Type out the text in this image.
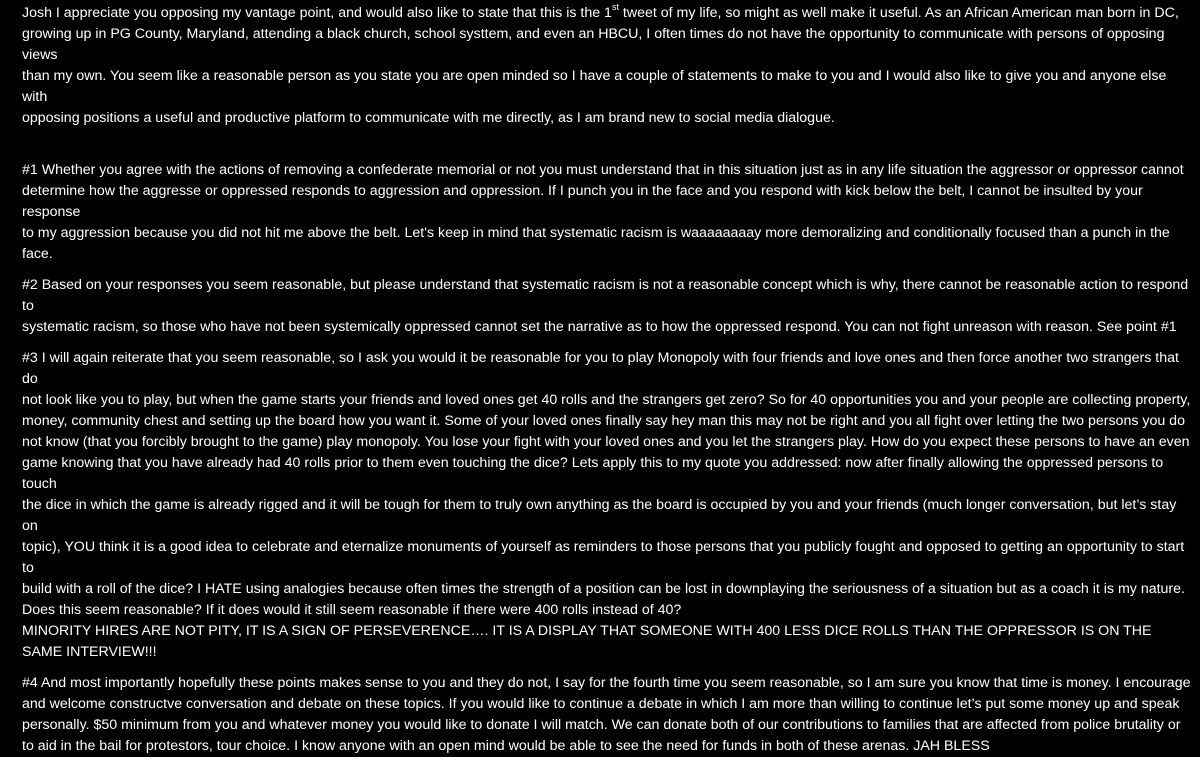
Josh I appreciate you opposing my vantage point, and would also like to state that this is the 1st tweet of my life, so might as well make it useful. As an African American man born in DC,
growing up in PG County, Maryland, attending a black church, school systtem, and even an HBCU, I often times do not have the opportunity to communicate with persons of opposing views
than my own. You seem like a reasonable person as you state you are open minded so I have a couple of statements to make to you and I would also like to give you and anyone else with
opposing positions a useful and productive platform to communicate with me directly, as I am brand new to social media dialogue.

#1 Whether you agree with the actions of removing a confederate memorial or not you must understand that in this situation just as in any life situation the aggressor or oppressor cannot
determine how the aggresse or oppressed responds to aggression and oppression. If I punch you in the face and you respond with kick below the belt, I cannot be insulted by your response
to my aggression because you did not hit me above the belt. Let's keep in mind that systematic racism is waaaaaaaay more demoralizing and conditionally focused than a punch in the face.

#2 Based on your responses you seem reasonable, but please understand that systematic racism is not a reasonable concept which is why, there cannot be reasonable action to respond to
systematic racism, so those who have not been systemically oppressed cannot set the narrative as to how the oppressed respond. You can not fight unreason with reason. See point #1

#3 I will again reiterate that you seem reasonable, so I ask you would it be reasonable for you to play Monopoly with four friends and love ones and then force another two strangers that do
not look like you to play, but when the game starts your friends and loved ones get 40 rolls and the strangers get zero? So for 40 opportunities you and your people are collecting property,
money, community chest and setting up the board how you want it. Some of your loved ones finally say hey man this may not be right and you all fight over letting the two persons you do
not know (that you forcibly brought to the game) play monopoly. You lose your fight with your loved ones and you let the strangers play. How do you expect these persons to have an even
game knowing that you have already had 40 rolls prior to them even touching the dice? Lets apply this to my quote you addressed: now after finally allowing the oppressed persons to touch
the dice in which the game is already rigged and it will be tough for them to truly own anything as the board is occupied by you and your friends (much longer conversation, but let’s stay on
topic), YOU think it is a good idea to celebrate and eternalize monuments of yourself as reminders to those persons that you publicly fought and opposed to getting an opportunity to start to
build with a roll of the dice? I HATE using analogies because often times the strength of a position can be lost in downplaying the seriousness of a situation but as a coach it is my nature.
Does this seem reasonable? If it does would it still seem reasonable if there were 400 rolls instead of 40?
MINORITY HIRES ARE NOT PITY, IT IS A SIGN OF PERSEVERENCE…. IT IS A DISPLAY THAT SOMEONE WITH 400 LESS DICE ROLLS THAN THE OPPRESSOR IS ON THE SAME INTERVIEW!!!

#4 And most importantly hopefully these points makes sense to you and they do not, I say for the fourth time you seem reasonable, so I am sure you know that time is money. I encourage
and welcome constructve conversation and debate on these topics. If you would like to continue a debate in which I am more than willing to continue let’s put some money up and speak
personally. $50 minimum from you and whatever money you would like to donate I will match. We can donate both of our contributions to families that are affected from police brutality or
to aid in the bail for protestors, tour choice. I know anyone with an open mind would be able to see the need for funds in both of these arenas. JAH BLESS
